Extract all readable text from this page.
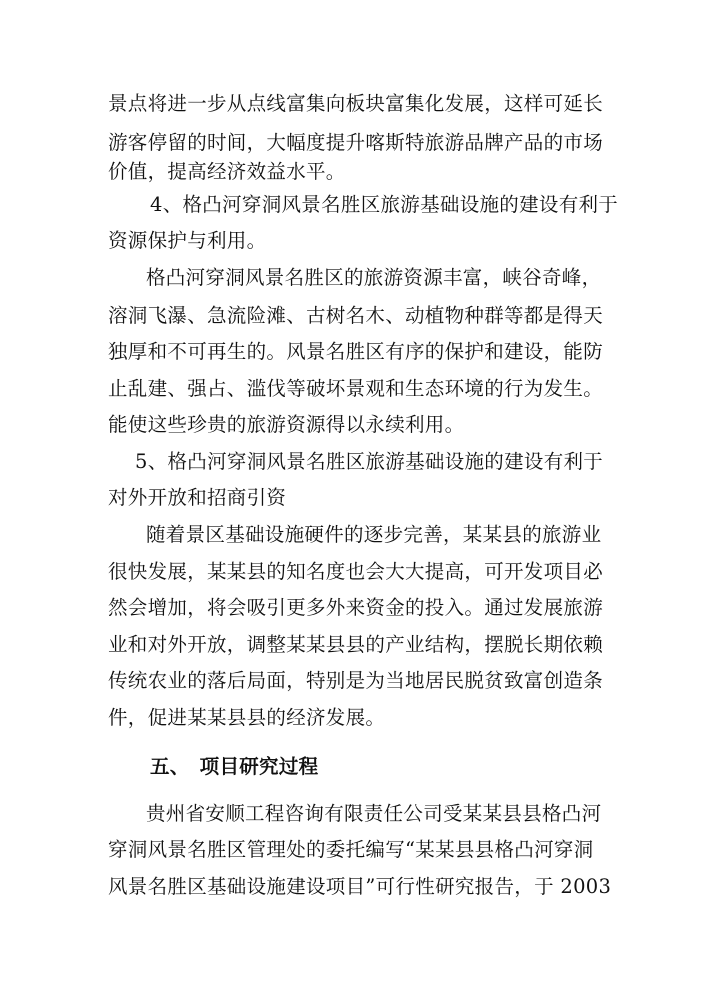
景点将进一步从点线富集向板块富集化发展，这样可延长
游客停留的时间，大幅度提升喀斯特旅游品牌产品的市场
价值，提高经济效益水平。
4、格凸河穿洞风景名胜区旅游基础设施的建设有利于
资源保护与利用。
格凸河穿洞风景名胜区的旅游资源丰富，峡谷奇峰，
溶洞飞瀑、急流险滩、古树名木、动植物种群等都是得天
独厚和不可再生的。风景名胜区有序的保护和建设，能防
止乱建、强占、滥伐等破坏景观和生态环境的行为发生。
能使这些珍贵的旅游资源得以永续利用。
5、格凸河穿洞风景名胜区旅游基础设施的建设有利于
对外开放和招商引资
随着景区基础设施硬件的逐步完善，某某县的旅游业
很快发展，某某县的知名度也会大大提高，可开发项目必
然会增加，将会吸引更多外来资金的投入。通过发展旅游
业和对外开放，调整某某县县的产业结构，摆脱长期依赖
传统农业的落后局面，特别是为当地居民脱贫致富创造条
件，促进某某县县的经济发展。
五、　项目研究过程
贵州省安顺工程咨询有限责任公司受某某县县格凸河
穿洞风景名胜区管理处的委托编写“某某县县格凸河穿洞
风景名胜区基础设施建设项目”可行性研究报告，于 2003
